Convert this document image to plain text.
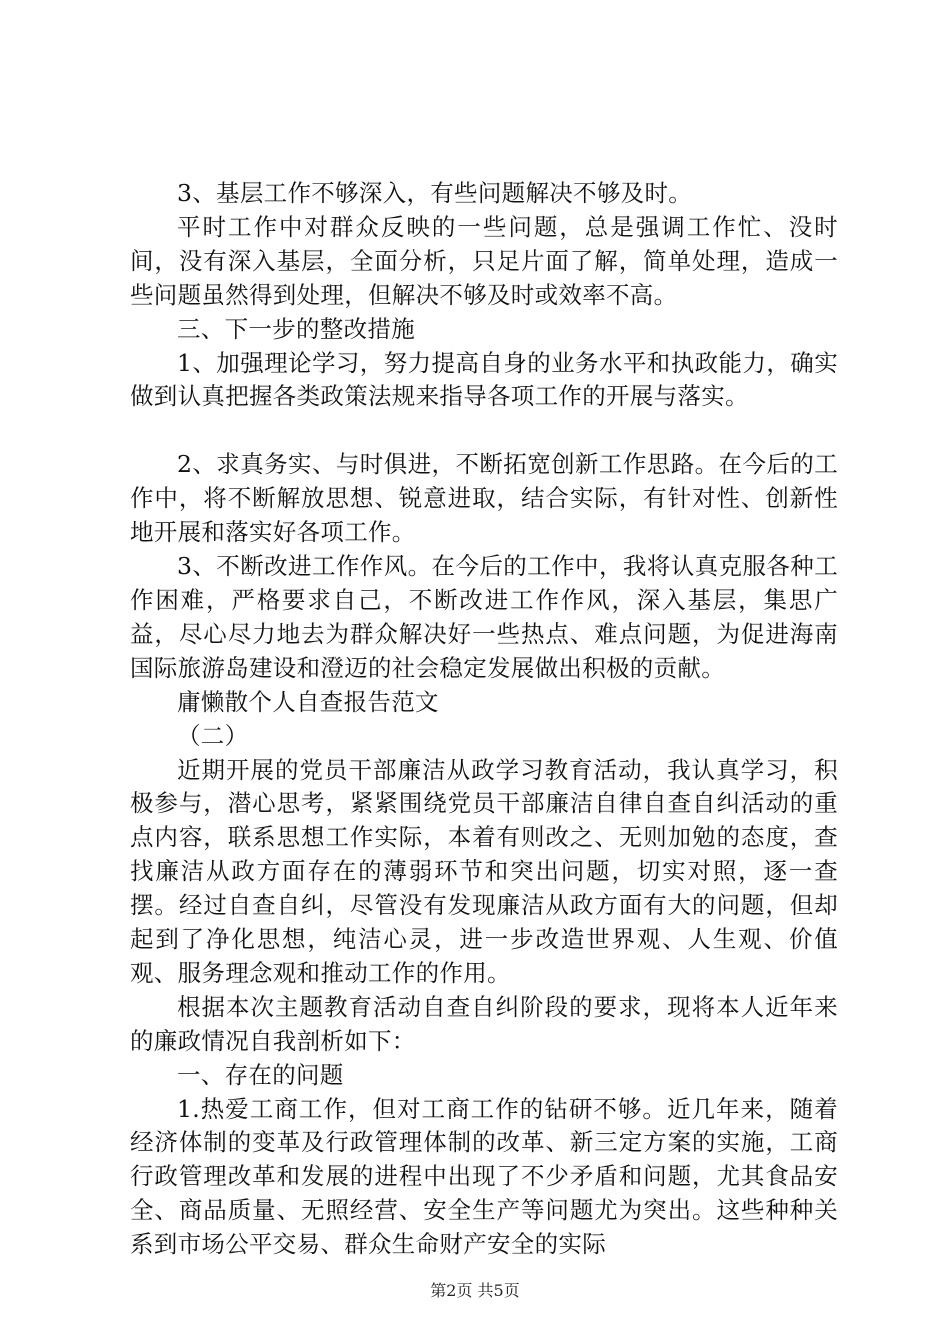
3、基层工作不够深入，有些问题解决不够及时。

平时工作中对群众反映的一些问题，总是强调工作忙、没时间，没有深入基层，全面分析，只足片面了解，简单处理，造成一些问题虽然得到处理，但解决不够及时或效率不高。

三、下一步的整改措施

1、加强理论学习，努力提高自身的业务水平和执政能力，确实做到认真把握各类政策法规来指导各项工作的开展与落实。

2、求真务实、与时俱进，不断拓宽创新工作思路。在今后的工作中，将不断解放思想、锐意进取，结合实际，有针对性、创新性地开展和落实好各项工作。

3、不断改进工作作风。在今后的工作中，我将认真克服各种工作困难，严格要求自己，不断改进工作作风，深入基层，集思广益，尽心尽力地去为群众解决好一些热点、难点问题，为促进海南国际旅游岛建设和澄迈的社会稳定发展做出积极的贡献。

庸懒散个人自查报告范文

（二）

近期开展的党员干部廉洁从政学习教育活动，我认真学习，积极参与，潜心思考，紧紧围绕党员干部廉洁自律自查自纠活动的重点内容，联系思想工作实际，本着有则改之、无则加勉的态度，查找廉洁从政方面存在的薄弱环节和突出问题，切实对照，逐一查摆。经过自查自纠，尽管没有发现廉洁从政方面有大的问题，但却起到了净化思想，纯洁心灵，进一步改造世界观、人生观、价值观、服务理念观和推动工作的作用。

根据本次主题教育活动自查自纠阶段的要求，现将本人近年来的廉政情况自我剖析如下：

一、存在的问题

1.热爱工商工作，但对工商工作的钻研不够。近几年来，随着经济体制的变革及行政管理体制的改革、新三定方案的实施，工商行政管理改革和发展的进程中出现了不少矛盾和问题，尤其食品安全、商品质量、无照经营、安全生产等问题尤为突出。这些种种关系到市场公平交易、群众生命财产安全的实际

第2页 共5页
